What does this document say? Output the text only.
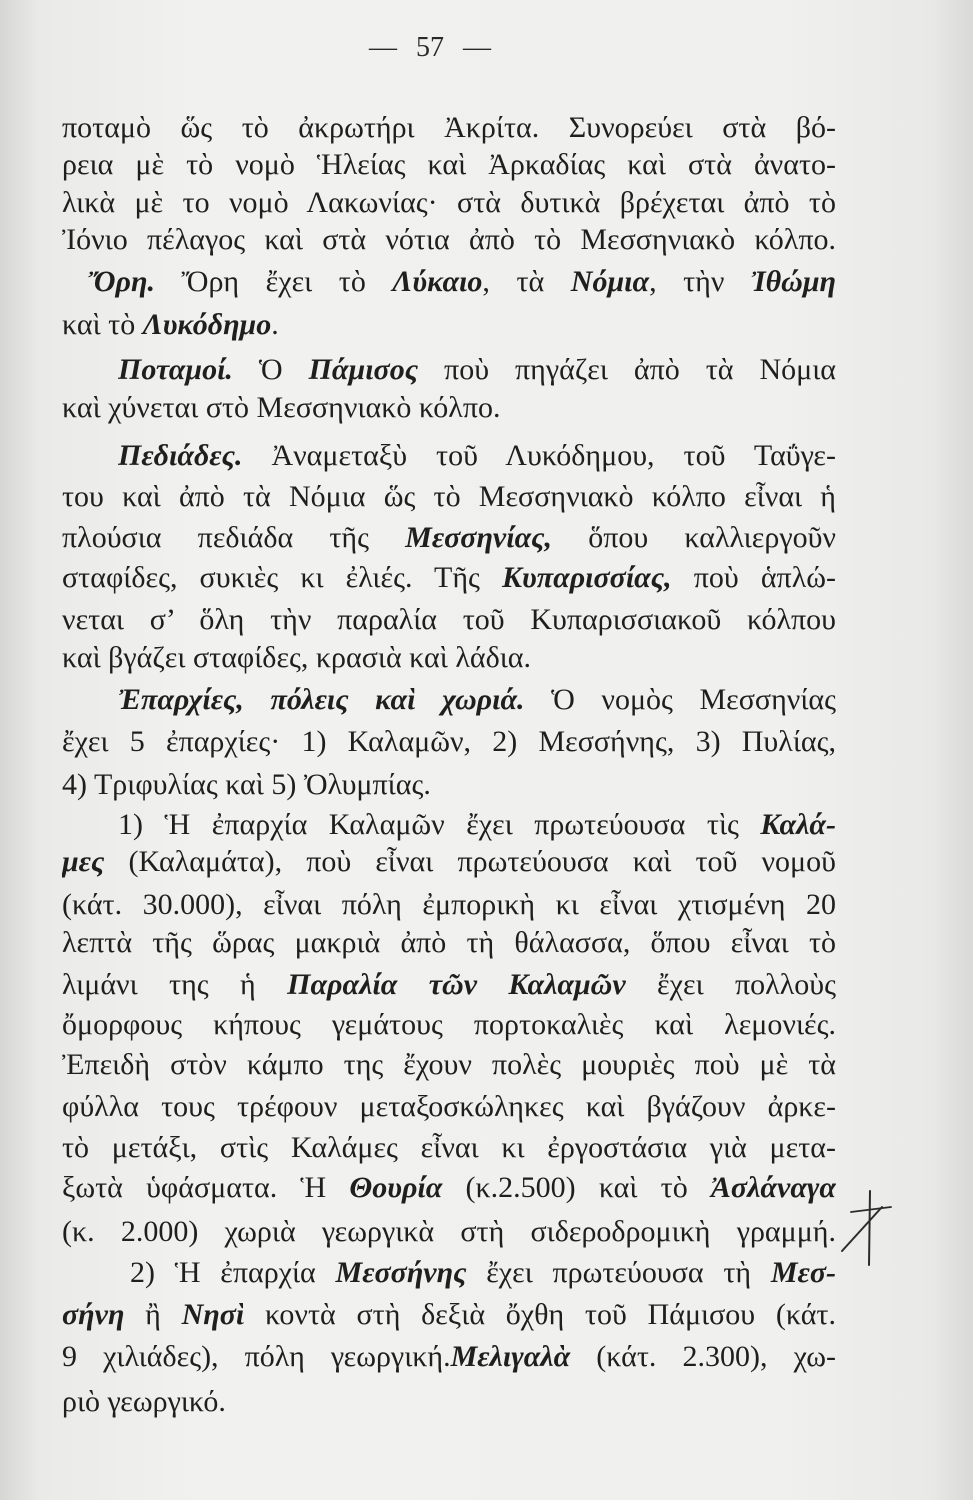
— 57 —
ποταμὸ ὥς τὸ ἀκρωτήρι Ἀκρίτα. Συνορεύει στὰ βό-
ρεια μὲ τὸ νομὸ Ἡλείας καὶ Ἀρκαδίας καὶ στὰ ἀνατο-
λικὰ μὲ το νομὸ Λακωνίας· στὰ δυτικὰ βρέχεται ἀπὸ τὸ
Ἰόνιο πέλαγος καὶ στὰ νότια ἀπὸ τὸ Μεσσηνιακὸ κόλπο.
Ὄρη. Ὄρη ἔχει τὸ Λύκαιο, τὰ Νόμια, τὴν Ἰθώμη
καὶ τὸ Λυκόδημο.
Ποταμοί. Ὁ Πάμισος ποὺ πηγάζει ἀπὸ τὰ Νόμια
καὶ χύνεται στὸ Μεσσηνιακὸ κόλπο.
Πεδιάδες. Ἀναμεταξὺ τοῦ Λυκόδημου, τοῦ Ταΰγε-
του καὶ ἀπὸ τὰ Νόμια ὥς τὸ Μεσσηνιακὸ κόλπο εἶναι ἡ
πλούσια πεδιάδα τῆς Μεσσηνίας, ὅπου καλλιεργοῦν
σταφίδες, συκιὲς κι ἐλιές. Τῆς Κυπαρισσίας, ποὺ ἁπλώ-
νεται σ’ ὅλη τὴν παραλία τοῦ Κυπαρισσιακοῦ κόλπου
καὶ βγάζει σταφίδες, κρασιὰ καὶ λάδια.
Ἐπαρχίες, πόλεις καὶ χωριά. Ὁ νομὸς Μεσσηνίας
ἔχει 5 ἐπαρχίες· 1) Καλαμῶν, 2) Μεσσήνης, 3) Πυλίας,
4) Τριφυλίας καὶ 5) Ὀλυμπίας.
1) Ἡ ἐπαρχία Καλαμῶν ἔχει πρωτεύουσα τὶς Καλά-
μες (Καλαμάτα), ποὺ εἶναι πρωτεύουσα καὶ τοῦ νομοῦ
(κάτ. 30.000), εἶναι πόλη ἐμπορικὴ κι εἶναι χτισμένη 20
λεπτὰ τῆς ὥρας μακριὰ ἀπὸ τὴ θάλασσα, ὅπου εἶναι τὸ
λιμάνι της ἡ Παραλία τῶν Καλαμῶν ἔχει πολλοὺς
ὄμορφους κήπους γεμάτους πορτοκαλιὲς καὶ λεμονιές.
Ἐπειδὴ στὸν κάμπο της ἔχουν πολὲς μουριὲς ποὺ μὲ τὰ
φύλλα τους τρέφουν μεταξοσκώληκες καὶ βγάζουν ἀρκε-
τὸ μετάξι, στὶς Καλάμες εἶναι κι ἐργοστάσια γιὰ μετα-
ξωτὰ ὑφάσματα. Ἡ Θουρία (κ.2.500) καὶ τὸ Ἀσλάναγα
(κ. 2.000) χωριὰ γεωργικὰ στὴ σιδεροδρομικὴ γραμμή.
2) Ἡ ἐπαρχία Μεσσήνης ἔχει πρωτεύουσα τὴ Μεσ-
σήνη ἢ Νησὶ κοντὰ στὴ δεξιὰ ὄχθη τοῦ Πάμισου (κάτ.
9 χιλιάδες), πόλη γεωργική.Μελιγαλὰ (κάτ. 2.300), χω-
ριὸ γεωργικό.
